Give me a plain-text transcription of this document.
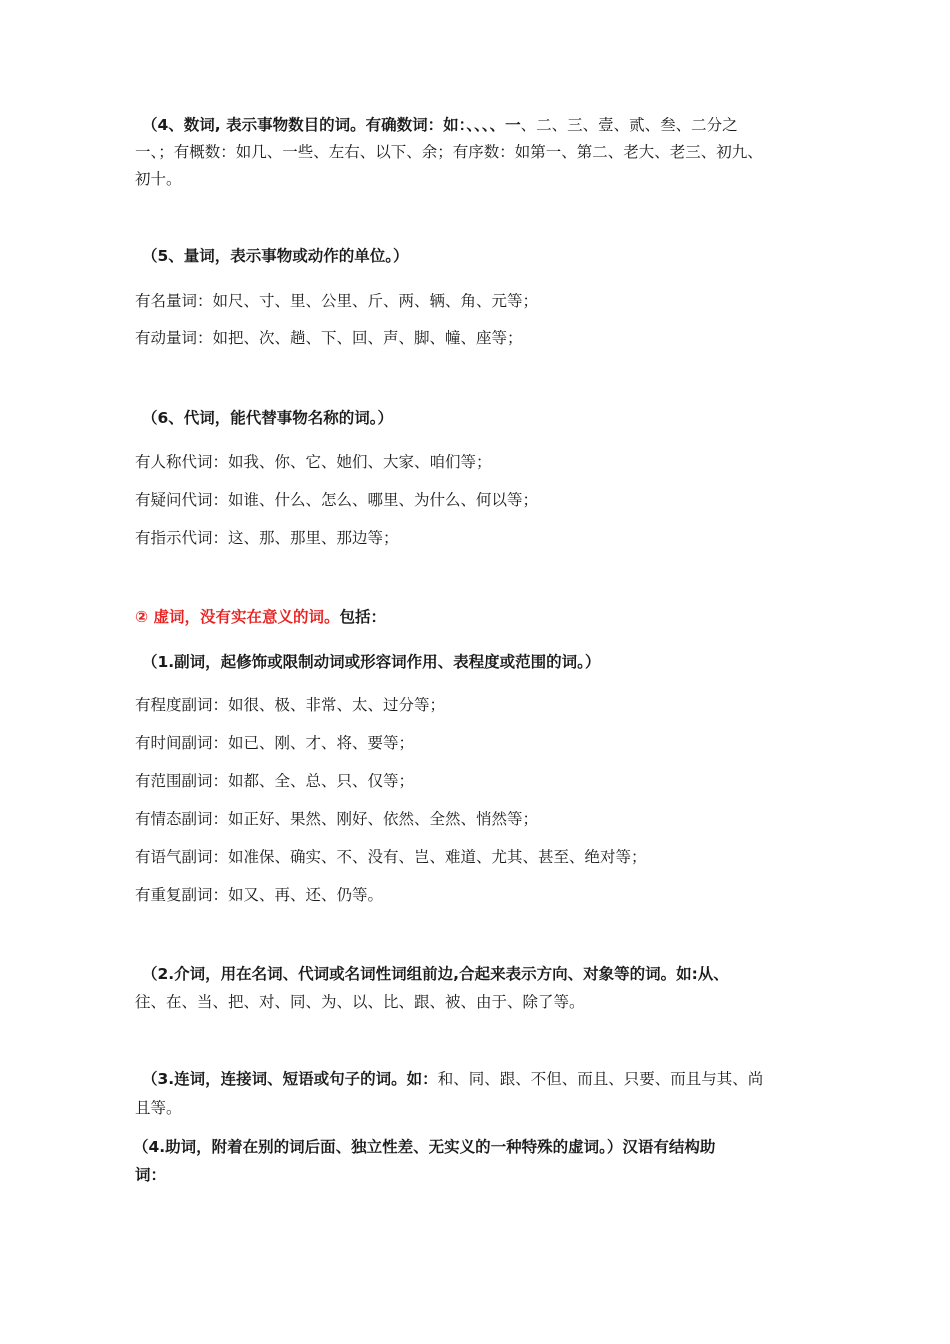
（4、数词, 表示事物数目的词。有确数词：如：、、、、一、二、三、壹、贰、叁、二分之
一、；有概数：如几、一些、左右、以下、余；有序数：如第一、第二、老大、老三、初九、
初十。
（5、量词，表示事物或动作的单位。）
有名量词：如尺、寸、里、公里、斤、两、辆、角、元等；
有动量词：如把、次、趟、下、回、声、脚、幢、座等；
（6、代词，能代替事物名称的词。）
有人称代词：如我、你、它、她们、大家、咱们等；
有疑问代词：如谁、什么、怎么、哪里、为什么、何以等；
有指示代词：这、那、那里、那边等；
② 虚词，没有实在意义的词。包括：
（1.副词，起修饰或限制动词或形容词作用、表程度或范围的词。）
有程度副词：如很、极、非常、太、过分等；
有时间副词：如已、刚、才、将、要等；
有范围副词：如都、全、总、只、仅等；
有情态副词：如正好、果然、刚好、依然、全然、悄然等；
有语气副词：如准保、确实、不、没有、岂、难道、尤其、甚至、绝对等；
有重复副词：如又、再、还、仍等。
（2.介词，用在名词、代词或名词性词组前边,合起来表示方向、对象等的词。如:从、
往、在、当、把、对、同、为、以、比、跟、被、由于、除了等。
（3.连词，连接词、短语或句子的词。如：和、同、跟、不但、而且、只要、而且与其、尚
且等。
（4.助词，附着在别的词后面、独立性差、无实义的一种特殊的虚词。）汉语有结构助
词：
